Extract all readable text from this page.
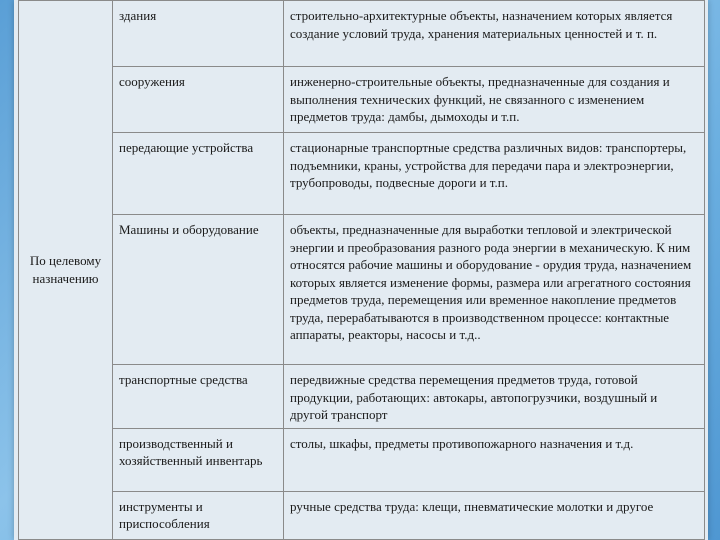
По целевому назначению	здания	строительно-архитектурные объекты, назначением которых является создание условий труда, хранения материальных ценностей и т. п.
	сооружения	инженерно-строительные объекты, предназначенные для создания и выполнения технических функций, не связанного с изменением предметов труда: дамбы, дымоходы и т.п.
	передающие устройства	стационарные транспортные средства различных видов: транспортеры, подъемники, краны, устройства для передачи пара и электроэнергии, трубопроводы, подвесные дороги и т.п.
	Машины и оборудование	объекты, предназначенные для выработки тепловой и электрической энергии и преобразования разного рода энергии в механическую. К ним относятся рабочие машины и оборудование - орудия труда, назначением которых является изменение формы, размера или агрегатного состояния предметов труда, перемещения или временное накопление предметов труда, перерабатываются в производственном процессе: контактные аппараты, реакторы, насосы и т.д..
	транспортные средства	передвижные средства перемещения предметов труда, готовой продукции, работающих: автокары, автопогрузчики, воздушный и другой транспорт
	производственный и хозяйственный инвентарь	столы, шкафы, предметы противопожарного назначения и т.д.
	инструменты и приспособления	ручные средства труда: клещи, пневматические молотки и другое
